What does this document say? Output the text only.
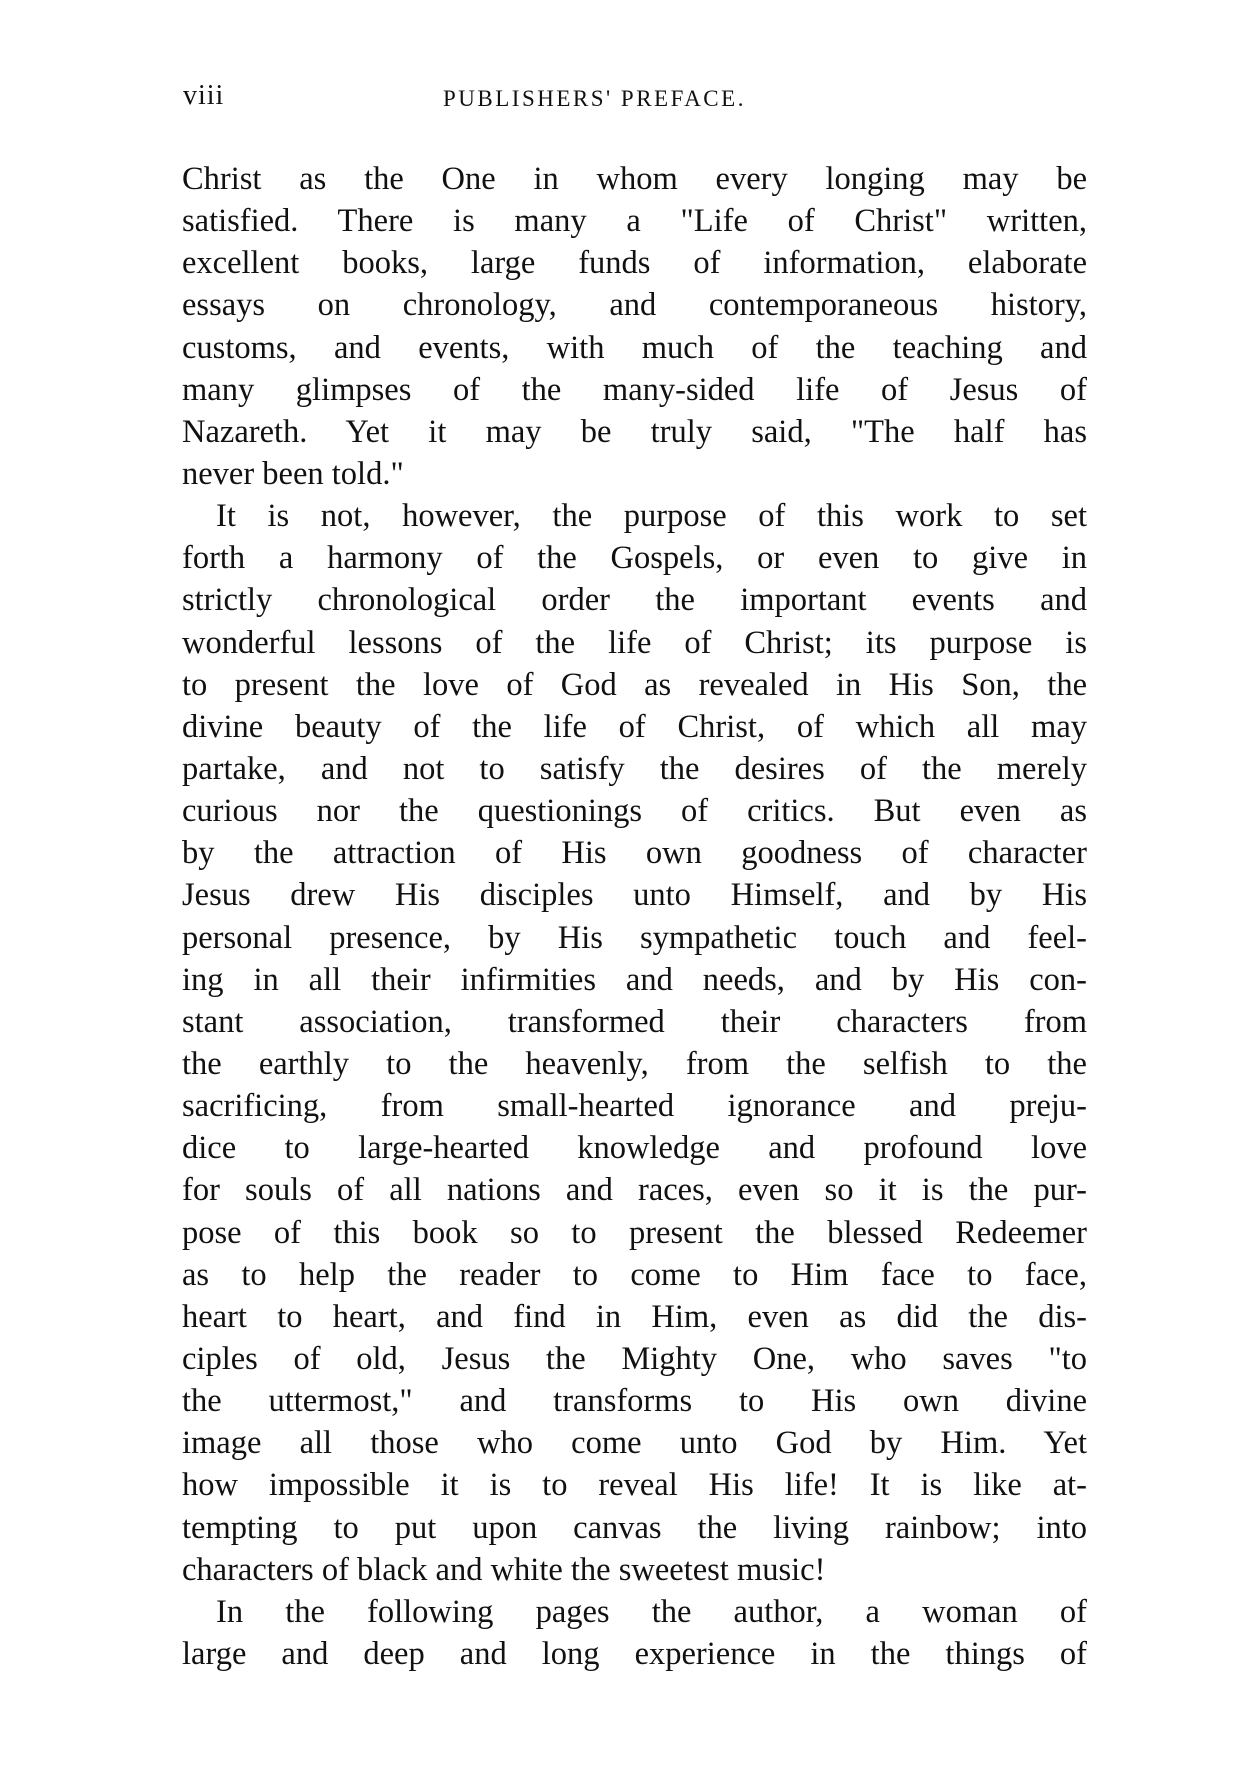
viii	PUBLISHERS' PREFACE.

Christ as the One in whom every longing may be
satisfied. There is many a "Life of Christ" written,
excellent books, large funds of information, elaborate
essays on chronology, and contemporaneous history,
customs, and events, with much of the teaching and
many glimpses of the many-sided life of Jesus of
Nazareth. Yet it may be truly said, "The half has
never been told."

It is not, however, the purpose of this work to set
forth a harmony of the Gospels, or even to give in
strictly chronological order the important events and
wonderful lessons of the life of Christ; its purpose is
to present the love of God as revealed in His Son, the
divine beauty of the life of Christ, of which all may
partake, and not to satisfy the desires of the merely
curious nor the questionings of critics. But even as
by the attraction of His own goodness of character
Jesus drew His disciples unto Himself, and by His
personal presence, by His sympathetic touch and feel-
ing in all their infirmities and needs, and by His con-
stant association, transformed their characters from
the earthly to the heavenly, from the selfish to the
sacrificing, from small-hearted ignorance and preju-
dice to large-hearted knowledge and profound love
for souls of all nations and races, even so it is the pur-
pose of this book so to present the blessed Redeemer
as to help the reader to come to Him face to face,
heart to heart, and find in Him, even as did the dis-
ciples of old, Jesus the Mighty One, who saves "to
the uttermost," and transforms to His own divine
image all those who come unto God by Him. Yet
how impossible it is to reveal His life! It is like at-
tempting to put upon canvas the living rainbow; into
characters of black and white the sweetest music!

In the following pages the author, a woman of
large and deep and long experience in the things of
